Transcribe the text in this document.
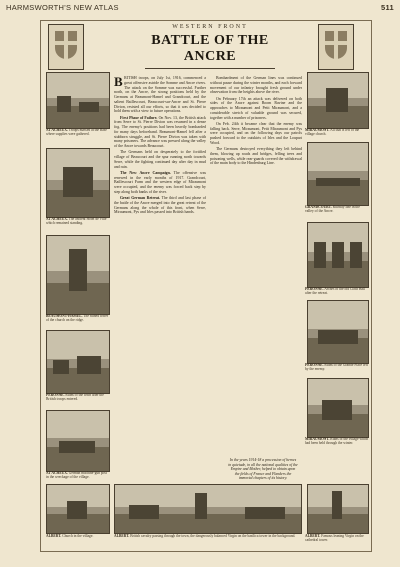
HARMSWORTH'S NEW ATLAS	511
WESTERN FRONT
BATTLE OF THE ANCRE
AT ACHEUX. Troops massed at the Base where supplies were gathered.
AT ACHEUX. The ancient Hotel de Ville which remained standing.
BEAUMONT-HAMEL. The ruined tower of the church on the ridge.
PERONNE. Ruins of the town after the British troops entered.
AT ACHEUX. German machine-gun post in the wreckage of the village.
MIRAUMONT. All that is left of the village church.
GRANDCOURT. Railway line in the valley of the Ancre.
PERONNE. Arches of the old Cloth Hall after the retreat.
PERONNE. Ruins of the Grande Place left by the enemy.
MIRAUMONT. Ruins of the village which had been held through the winter.

BRITISH troops, on July 1st, 1916, commenced a great offensive astride the Somme and Ancre rivers. The attack on the Somme was successful. Further north, on the Ancre, the strong positions held by the Germans at Beaumont-Hamel and Grandcourt, and the salient Baillescourt, Beaucourt-sur-Ancre and St. Pierre Divion, resisted all our efforts, so that it was decided to hold them with a view to future operations.

First Phase of Failure. On Nov. 13, the British attack from Serre to St. Pierre Divion was resumed in a dense fog. The enemy's positions had been heavily bombarded for many days beforehand. Beaumont-Hamel fell after a stubborn struggle, and St. Pierre Divion was taken with many prisoners. The advance was pressed along the valley of the Ancre towards Beaucourt.

The Germans held on desperately to the fortified village of Beaucourt and the spur running north towards Serre, while the fighting continued day after day in mud and rain.

The New Ancre Campaign. The offensive was renewed in the early months of 1917. Grandcourt, Baillescourt Farm and the western edge of Miraumont were occupied, and the enemy was forced back step by step along both banks of the river.

Great German Retreat. The third and last phase of the battle of the Ancre merged into the great retreat of the Germans along the whole of this front, when Serre, Miraumont, Pys and Irles passed into British hands.

Bombardment of the German lines was continued without pause during the winter months, and each forward movement of our infantry brought fresh ground under observation from the heights above the river.

On February 17th an attack was delivered on both sides of the Ancre against Boom Ravine and the approaches to Miraumont and Petit Miraumont, and a considerable stretch of valuable ground was secured, together with a number of prisoners.

On Feb. 24th it became clear that the enemy was falling back. Serre, Miraumont, Petit Miraumont and Pys were occupied, and on the following days our patrols pushed forward to the outskirts of Irles and the Loupart Wood.

The Germans destroyed everything they left behind them, blowing up roads and bridges, felling trees and poisoning wells, while rear-guards covered the withdrawal of the main body to the Hindenburg Line.

In the years 1914-18 a procession of heroes in quietude, in all the national qualities of the Empire and Mother, helped to obtain upon the fields of France and Flanders the immortal chapters of its history.
ALBERT. Church in the village.	ALBERT. British cavalry passing through the town, the dangerously balanced Virgin on the basilica tower in the background.	ALBERT. Famous leaning Virgin on the cathedral tower.
